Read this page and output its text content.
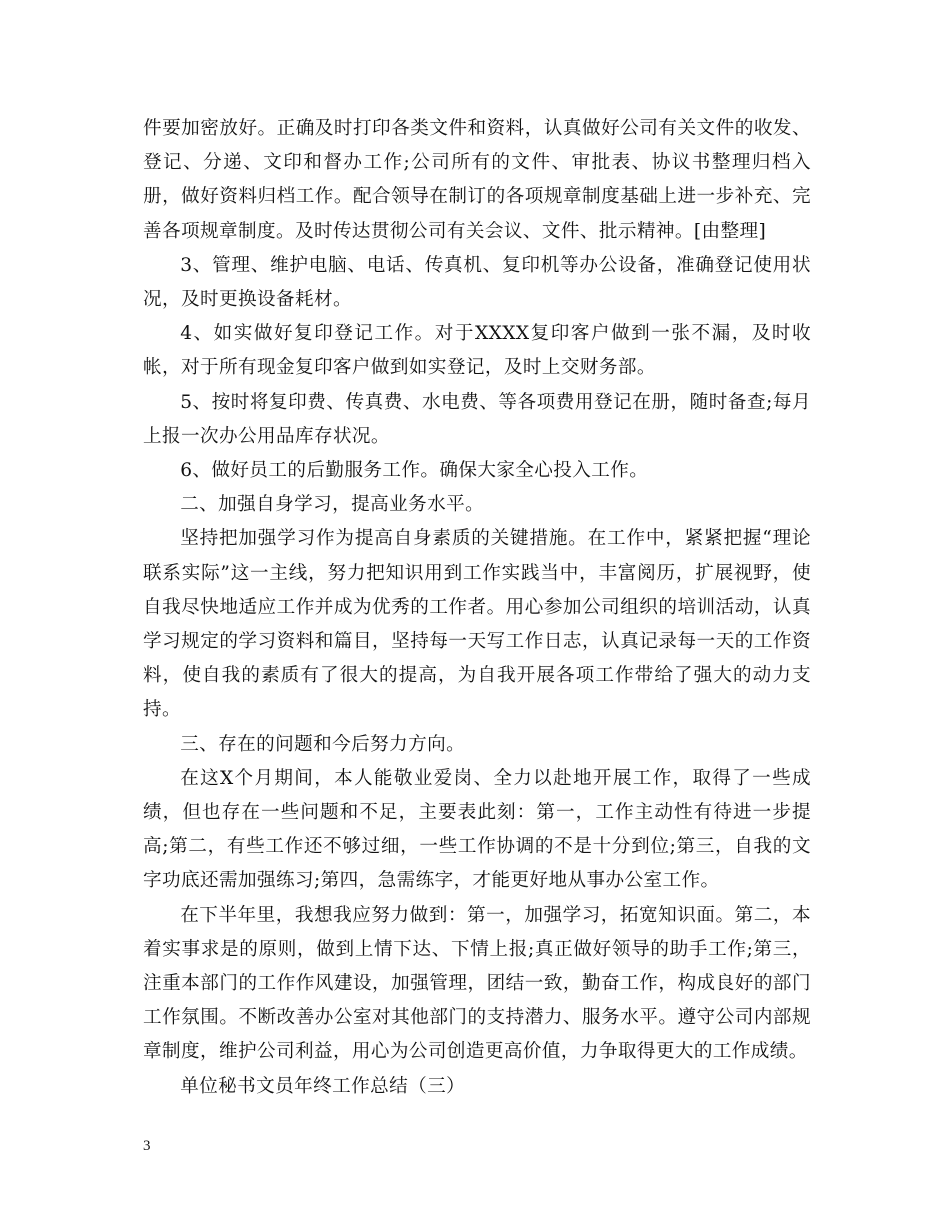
件要加密放好。正确及时打印各类文件和资料，认真做好公司有关文件的收发、登记、分递、文印和督办工作;公司所有的文件、审批表、协议书整理归档入册，做好资料归档工作。配合领导在制订的各项规章制度基础上进一步补充、完善各项规章制度。及时传达贯彻公司有关会议、文件、批示精神。[由整理]

3、管理、维护电脑、电话、传真机、复印机等办公设备，准确登记使用状况，及时更换设备耗材。

4、如实做好复印登记工作。对于XXXX复印客户做到一张不漏，及时收帐，对于所有现金复印客户做到如实登记，及时上交财务部。

5、按时将复印费、传真费、水电费、等各项费用登记在册，随时备查;每月上报一次办公用品库存状况。

6、做好员工的后勤服务工作。确保大家全心投入工作。

二、加强自身学习，提高业务水平。

坚持把加强学习作为提高自身素质的关键措施。在工作中，紧紧把握“理论联系实际”这一主线，努力把知识用到工作实践当中，丰富阅历，扩展视野，使自我尽快地适应工作并成为优秀的工作者。用心参加公司组织的培训活动，认真学习规定的学习资料和篇目，坚持每一天写工作日志，认真记录每一天的工作资料，使自我的素质有了很大的提高，为自我开展各项工作带给了强大的动力支持。

三、存在的问题和今后努力方向。

在这X个月期间，本人能敬业爱岗、全力以赴地开展工作，取得了一些成绩，但也存在一些问题和不足，主要表此刻：第一，工作主动性有待进一步提高;第二，有些工作还不够过细，一些工作协调的不是十分到位;第三，自我的文字功底还需加强练习;第四，急需练字，才能更好地从事办公室工作。

在下半年里，我想我应努力做到：第一，加强学习，拓宽知识面。第二，本着实事求是的原则，做到上情下达、下情上报;真正做好领导的助手工作;第三，注重本部门的工作作风建设，加强管理，团结一致，勤奋工作，构成良好的部门工作氛围。不断改善办公室对其他部门的支持潜力、服务水平。遵守公司内部规章制度，维护公司利益，用心为公司创造更高价值，力争取得更大的工作成绩。

单位秘书文员年终工作总结（三）

3
